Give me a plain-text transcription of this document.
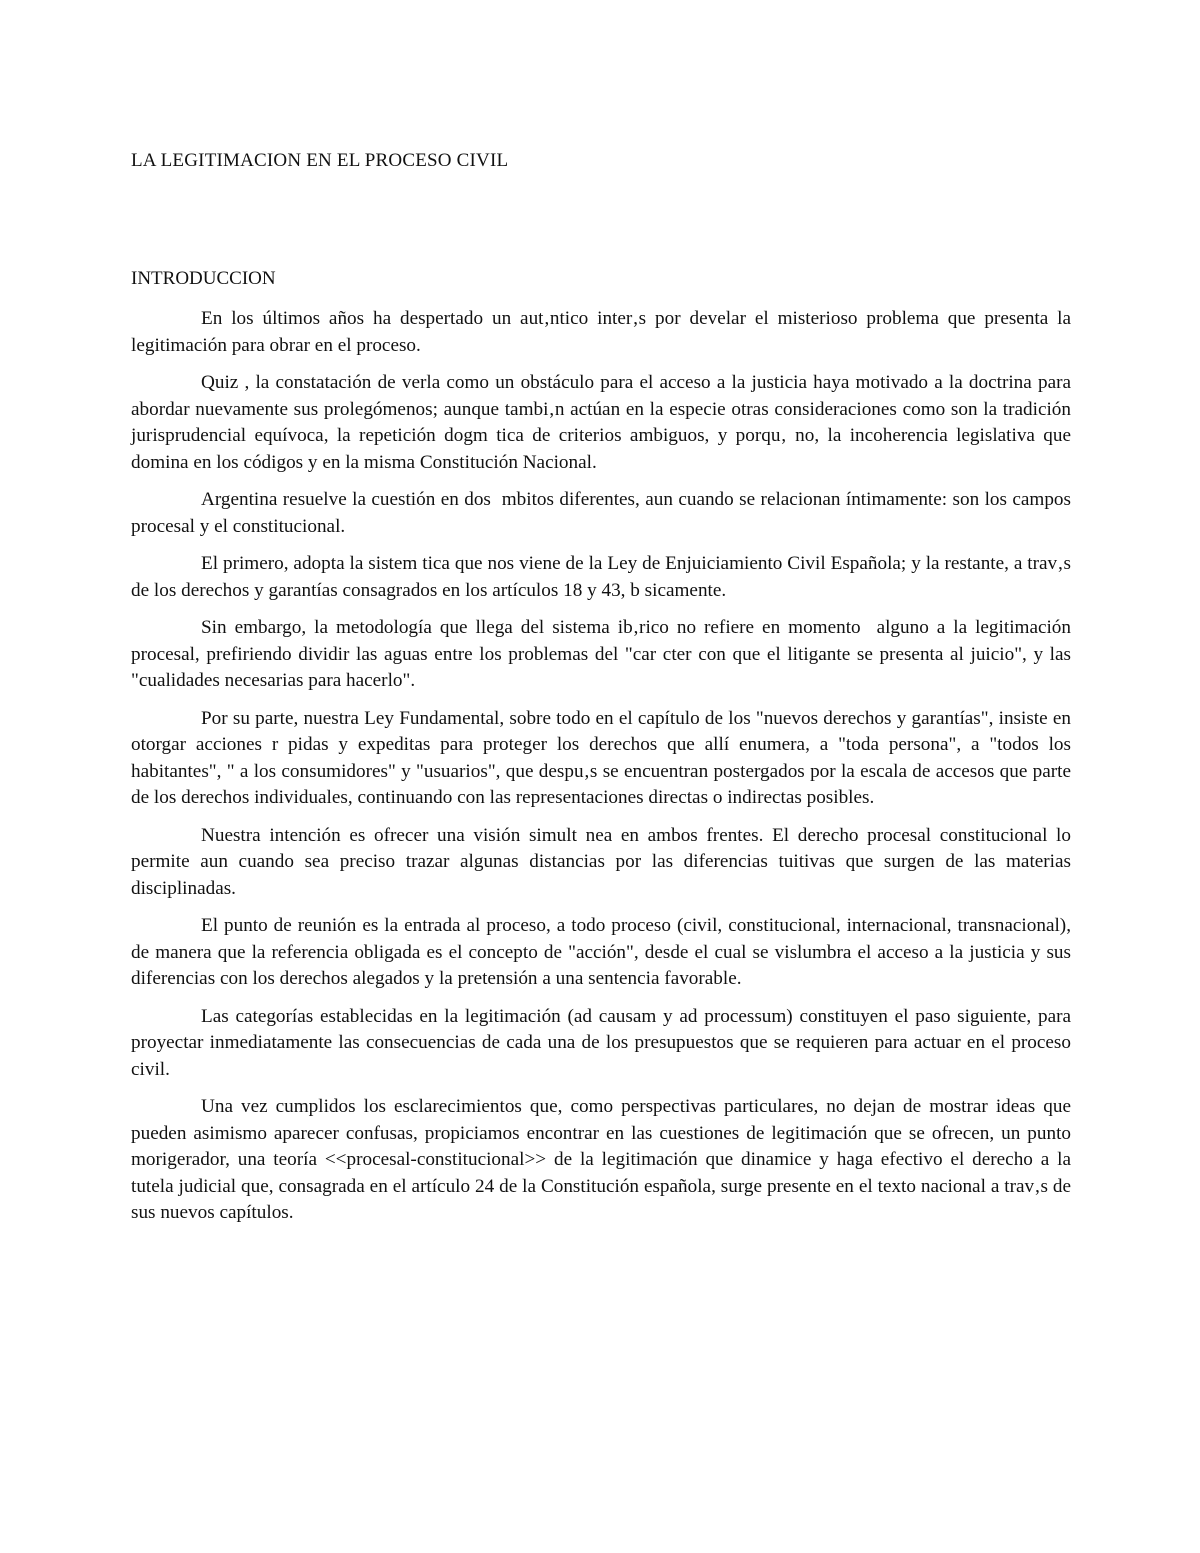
LA LEGITIMACION EN EL PROCESO CIVIL
INTRODUCCION

En los últimos años ha despertado un aut‚ntico inter‚s por develar el misterioso problema que presenta la legitimación para obrar en el proceso.

Quiz , la constatación de verla como un obstáculo para el acceso a la justicia haya motivado a la doctrina para abordar nuevamente sus prolegómenos; aunque tambi‚n actúan en la especie otras consideraciones como son la tradición jurisprudencial equívoca, la repetición dogm tica de criterios ambiguos, y porqu‚ no, la incoherencia legislativa que domina en los códigos y en la misma Constitución Nacional.

Argentina resuelve la cuestión en dos  mbitos diferentes, aun cuando se relacionan íntimamente: son los campos procesal y el constitucional.

El primero, adopta la sistem tica que nos viene de la Ley de Enjuiciamiento Civil Española; y la restante, a trav‚s de los derechos y garantías consagrados en los artículos 18 y 43, b sicamente.

Sin embargo, la metodología que llega del sistema ib‚rico no refiere en momento  alguno a la legitimación procesal, prefiriendo dividir las aguas entre los problemas del "car cter con que el litigante se presenta al juicio", y las "cualidades necesarias para hacerlo".

Por su parte, nuestra Ley Fundamental, sobre todo en el capítulo de los "nuevos derechos y garantías", insiste en otorgar acciones r pidas y expeditas para proteger los derechos que allí enumera, a "toda persona", a "todos los habitantes", " a los consumidores" y "usuarios", que despu‚s se encuentran postergados por la escala de accesos que parte de los derechos individuales, continuando con las representaciones directas o indirectas posibles.

Nuestra intención es ofrecer una visión simult nea en ambos frentes. El derecho procesal constitucional lo permite aun cuando sea preciso trazar algunas distancias por las diferencias tuitivas que surgen de las materias disciplinadas.

El punto de reunión es la entrada al proceso, a todo proceso (civil, constitucional, internacional, transnacional), de manera que la referencia obligada es el concepto de "acción", desde el cual se vislumbra el acceso a la justicia y sus diferencias con los derechos alegados y la pretensión a una sentencia favorable.

Las categorías establecidas en la legitimación (ad causam y ad processum) constituyen el paso siguiente, para proyectar inmediatamente las consecuencias de cada una de los presupuestos que se requieren para actuar en el proceso civil.

Una vez cumplidos los esclarecimientos que, como perspectivas particulares, no dejan de mostrar ideas que pueden asimismo aparecer confusas, propiciamos encontrar en las cuestiones de legitimación que se ofrecen, un punto morigerador, una teoría <<procesal-constitucional>> de la legitimación que dinamice y haga efectivo el derecho a la tutela judicial que, consagrada en el artículo 24 de la Constitución española, surge presente en el texto nacional a trav‚s de sus nuevos capítulos.
